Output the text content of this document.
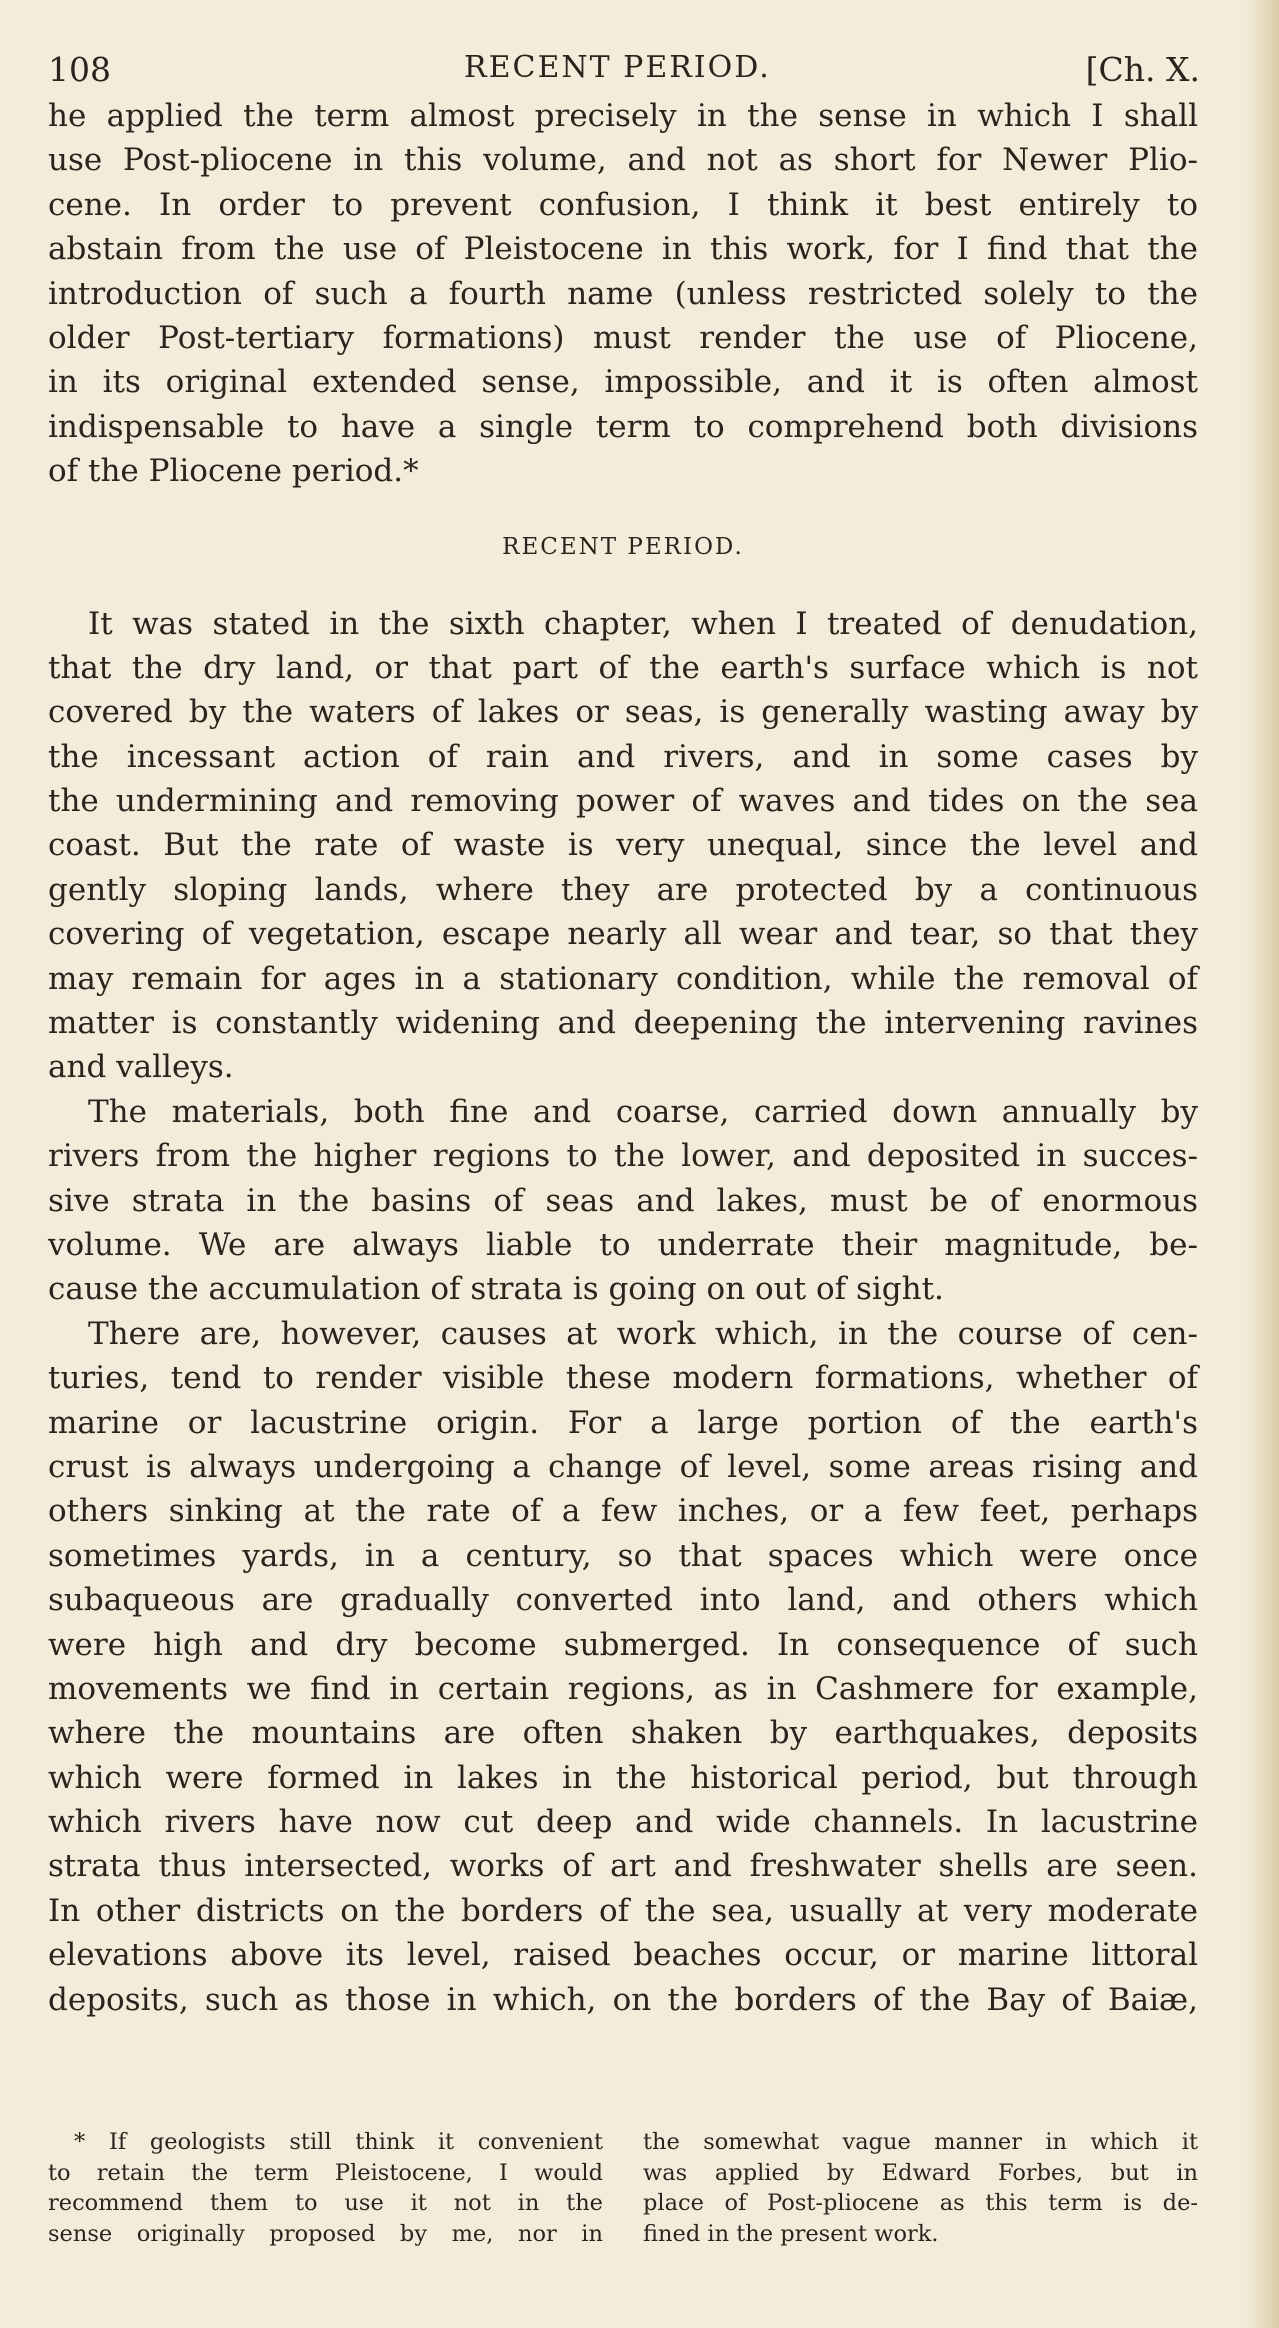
108	RECENT PERIOD.	[Ch. X.
he applied the term almost precisely in the sense in which I shall
use Post-pliocene in this volume, and not as short for Newer Plio-
cene. In order to prevent confusion, I think it best entirely to
abstain from the use of Pleistocene in this work, for I find that the
introduction of such a fourth name (unless restricted solely to the
older Post-tertiary formations) must render the use of Pliocene,
in its original extended sense, impossible, and it is often almost
indispensable to have a single term to comprehend both divisions
of the Pliocene period.*
RECENT PERIOD.
It was stated in the sixth chapter, when I treated of denudation,
that the dry land, or that part of the earth's surface which is not
covered by the waters of lakes or seas, is generally wasting away by
the incessant action of rain and rivers, and in some cases by
the undermining and removing power of waves and tides on the sea
coast. But the rate of waste is very unequal, since the level and
gently sloping lands, where they are protected by a continuous
covering of vegetation, escape nearly all wear and tear, so that they
may remain for ages in a stationary condition, while the removal of
matter is constantly widening and deepening the intervening ravines
and valleys.
The materials, both fine and coarse, carried down annually by
rivers from the higher regions to the lower, and deposited in succes-
sive strata in the basins of seas and lakes, must be of enormous
volume. We are always liable to underrate their magnitude, be-
cause the accumulation of strata is going on out of sight.
There are, however, causes at work which, in the course of cen-
turies, tend to render visible these modern formations, whether of
marine or lacustrine origin. For a large portion of the earth's
crust is always undergoing a change of level, some areas rising and
others sinking at the rate of a few inches, or a few feet, perhaps
sometimes yards, in a century, so that spaces which were once
subaqueous are gradually converted into land, and others which
were high and dry become submerged. In consequence of such
movements we find in certain regions, as in Cashmere for example,
where the mountains are often shaken by earthquakes, deposits
which were formed in lakes in the historical period, but through
which rivers have now cut deep and wide channels. In lacustrine
strata thus intersected, works of art and freshwater shells are seen.
In other districts on the borders of the sea, usually at very moderate
elevations above its level, raised beaches occur, or marine littoral
deposits, such as those in which, on the borders of the Bay of Baiæ,
* If geologists still think it convenient
to retain the term Pleistocene, I would
recommend them to use it not in the
sense originally proposed by me, nor in
the somewhat vague manner in which it
was applied by Edward Forbes, but in
place of Post-pliocene as this term is de-
fined in the present work.
